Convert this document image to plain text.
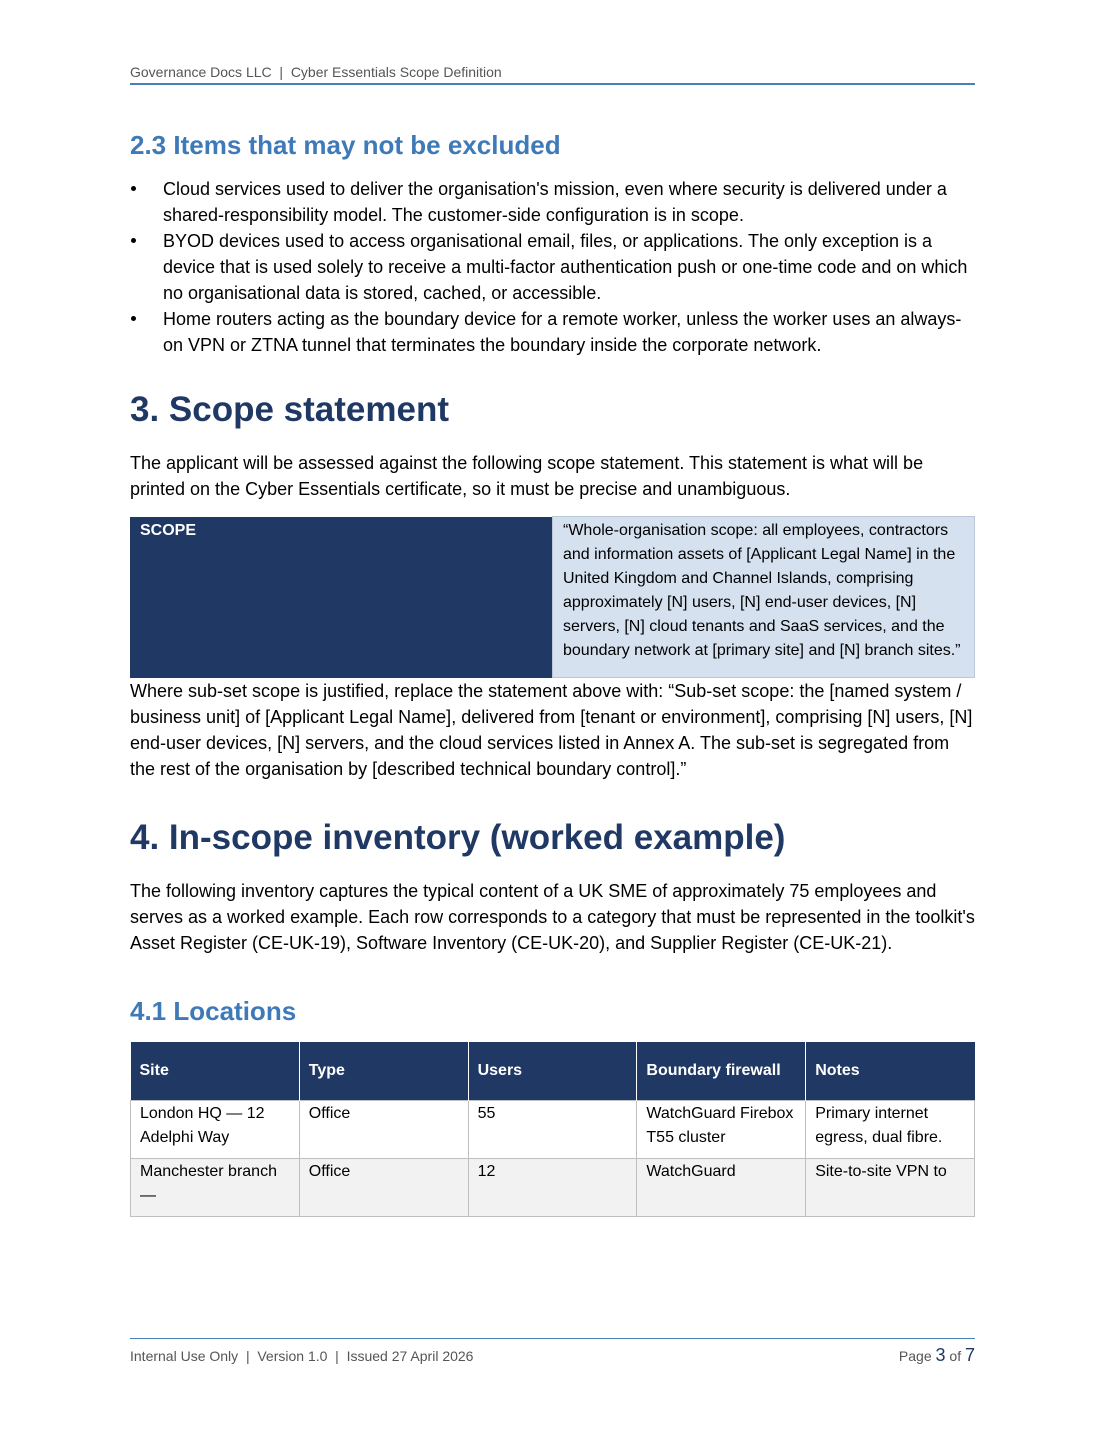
Governance Docs LLC  |  Cyber Essentials Scope Definition
2.3 Items that may not be excluded
Cloud services used to deliver the organisation's mission, even where security is delivered under a shared-responsibility model. The customer-side configuration is in scope.
BYOD devices used to access organisational email, files, or applications. The only exception is a device that is used solely to receive a multi-factor authentication push or one-time code and on which no organisational data is stored, cached, or accessible.
Home routers acting as the boundary device for a remote worker, unless the worker uses an always-on VPN or ZTNA tunnel that terminates the boundary inside the corporate network.
3. Scope statement

The applicant will be assessed against the following scope statement. This statement is what will be printed on the Cyber Essentials certificate, so it must be precise and unambiguous.

SCOPE	“Whole-organisation scope: all employees, contractors and information assets of [Applicant Legal Name] in the United Kingdom and Channel Islands, comprising approximately [N] users, [N] end-user devices, [N] servers, [N] cloud tenants and SaaS services, and the boundary network at [primary site] and [N] branch sites.”

Where sub-set scope is justified, replace the statement above with: “Sub-set scope: the [named system / business unit] of [Applicant Legal Name], delivered from [tenant or environment], comprising [N] users, [N] end-user devices, [N] servers, and the cloud services listed in Annex A. The sub-set is segregated from the rest of the organisation by [described technical boundary control].”

4. In-scope inventory (worked example)

The following inventory captures the typical content of a UK SME of approximately 75 employees and serves as a worked example. Each row corresponds to a category that must be represented in the toolkit's Asset Register (CE-UK-19), Software Inventory (CE-UK-20), and Supplier Register (CE-UK-21).

4.1 Locations
Site	Type	Users	Boundary firewall	Notes
London HQ — 12 Adelphi Way	Office	55	WatchGuard Firebox T55 cluster	Primary internet egress, dual fibre.
Manchester branch —	Office	12	WatchGuard	Site-to-site VPN to
Internal Use Only  |  Version 1.0  |  Issued 27 April 2026	Page 3 of 7
